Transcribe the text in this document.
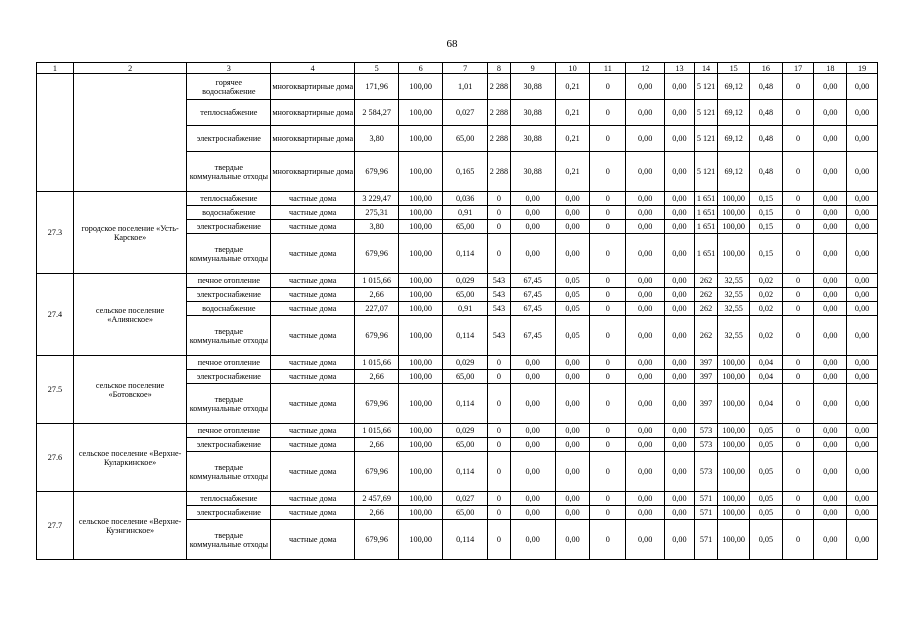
68
1	2	3	4	5	6	7	8	9	10	11	12	13	14	15	16	17	18	19
		горячее водоснабжение	многоквартирные дома	171,96	100,00	1,01	2 288	30,88	0,21	0	0,00	0,00	5 121	69,12	0,48	0	0,00	0,00
		теплоснабжение	многоквартирные дома	2 584,27	100,00	0,027	2 288	30,88	0,21	0	0,00	0,00	5 121	69,12	0,48	0	0,00	0,00
		электроснабжение	многоквартирные дома	3,80	100,00	65,00	2 288	30,88	0,21	0	0,00	0,00	5 121	69,12	0,48	0	0,00	0,00
		твердые коммунальные отходы	многоквартирные дома	679,96	100,00	0,165	2 288	30,88	0,21	0	0,00	0,00	5 121	69,12	0,48	0	0,00	0,00
27.3	городское поселение «Усть-Карское»	теплоснабжение	частные дома	3 229,47	100,00	0,036	0	0,00	0,00	0	0,00	0,00	1 651	100,00	0,15	0	0,00	0,00
		водоснабжение	частные дома	275,31	100,00	0,91	0	0,00	0,00	0	0,00	0,00	1 651	100,00	0,15	0	0,00	0,00
		электроснабжение	частные дома	3,80	100,00	65,00	0	0,00	0,00	0	0,00	0,00	1 651	100,00	0,15	0	0,00	0,00
		твердые коммунальные отходы	частные дома	679,96	100,00	0,114	0	0,00	0,00	0	0,00	0,00	1 651	100,00	0,15	0	0,00	0,00
27.4	сельское поселение «Алиянское»	печное отопление	частные дома	1 015,66	100,00	0,029	543	67,45	0,05	0	0,00	0,00	262	32,55	0,02	0	0,00	0,00
		электроснабжение	частные дома	2,66	100,00	65,00	543	67,45	0,05	0	0,00	0,00	262	32,55	0,02	0	0,00	0,00
		водоснабжение	частные дома	227,07	100,00	0,91	543	67,45	0,05	0	0,00	0,00	262	32,55	0,02	0	0,00	0,00
		твердые коммунальные отходы	частные дома	679,96	100,00	0,114	543	67,45	0,05	0	0,00	0,00	262	32,55	0,02	0	0,00	0,00
27.5	сельское поселение «Ботовское»	печное отопление	частные дома	1 015,66	100,00	0,029	0	0,00	0,00	0	0,00	0,00	397	100,00	0,04	0	0,00	0,00
		электроснабжение	частные дома	2,66	100,00	65,00	0	0,00	0,00	0	0,00	0,00	397	100,00	0,04	0	0,00	0,00
		твердые коммунальные отходы	частные дома	679,96	100,00	0,114	0	0,00	0,00	0	0,00	0,00	397	100,00	0,04	0	0,00	0,00
27.6	сельское поселение «Верхне-Куларкинское»	печное отопление	частные дома	1 015,66	100,00	0,029	0	0,00	0,00	0	0,00	0,00	573	100,00	0,05	0	0,00	0,00
		электроснабжение	частные дома	2,66	100,00	65,00	0	0,00	0,00	0	0,00	0,00	573	100,00	0,05	0	0,00	0,00
		твердые коммунальные отходы	частные дома	679,96	100,00	0,114	0	0,00	0,00	0	0,00	0,00	573	100,00	0,05	0	0,00	0,00
27.7	сельское поселение «Верхне-Куэнгинское»	теплоснабжение	частные дома	2 457,69	100,00	0,027	0	0,00	0,00	0	0,00	0,00	571	100,00	0,05	0	0,00	0,00
		электроснабжение	частные дома	2,66	100,00	65,00	0	0,00	0,00	0	0,00	0,00	571	100,00	0,05	0	0,00	0,00
		твердые коммунальные отходы	частные дома	679,96	100,00	0,114	0	0,00	0,00	0	0,00	0,00	571	100,00	0,05	0	0,00	0,00
